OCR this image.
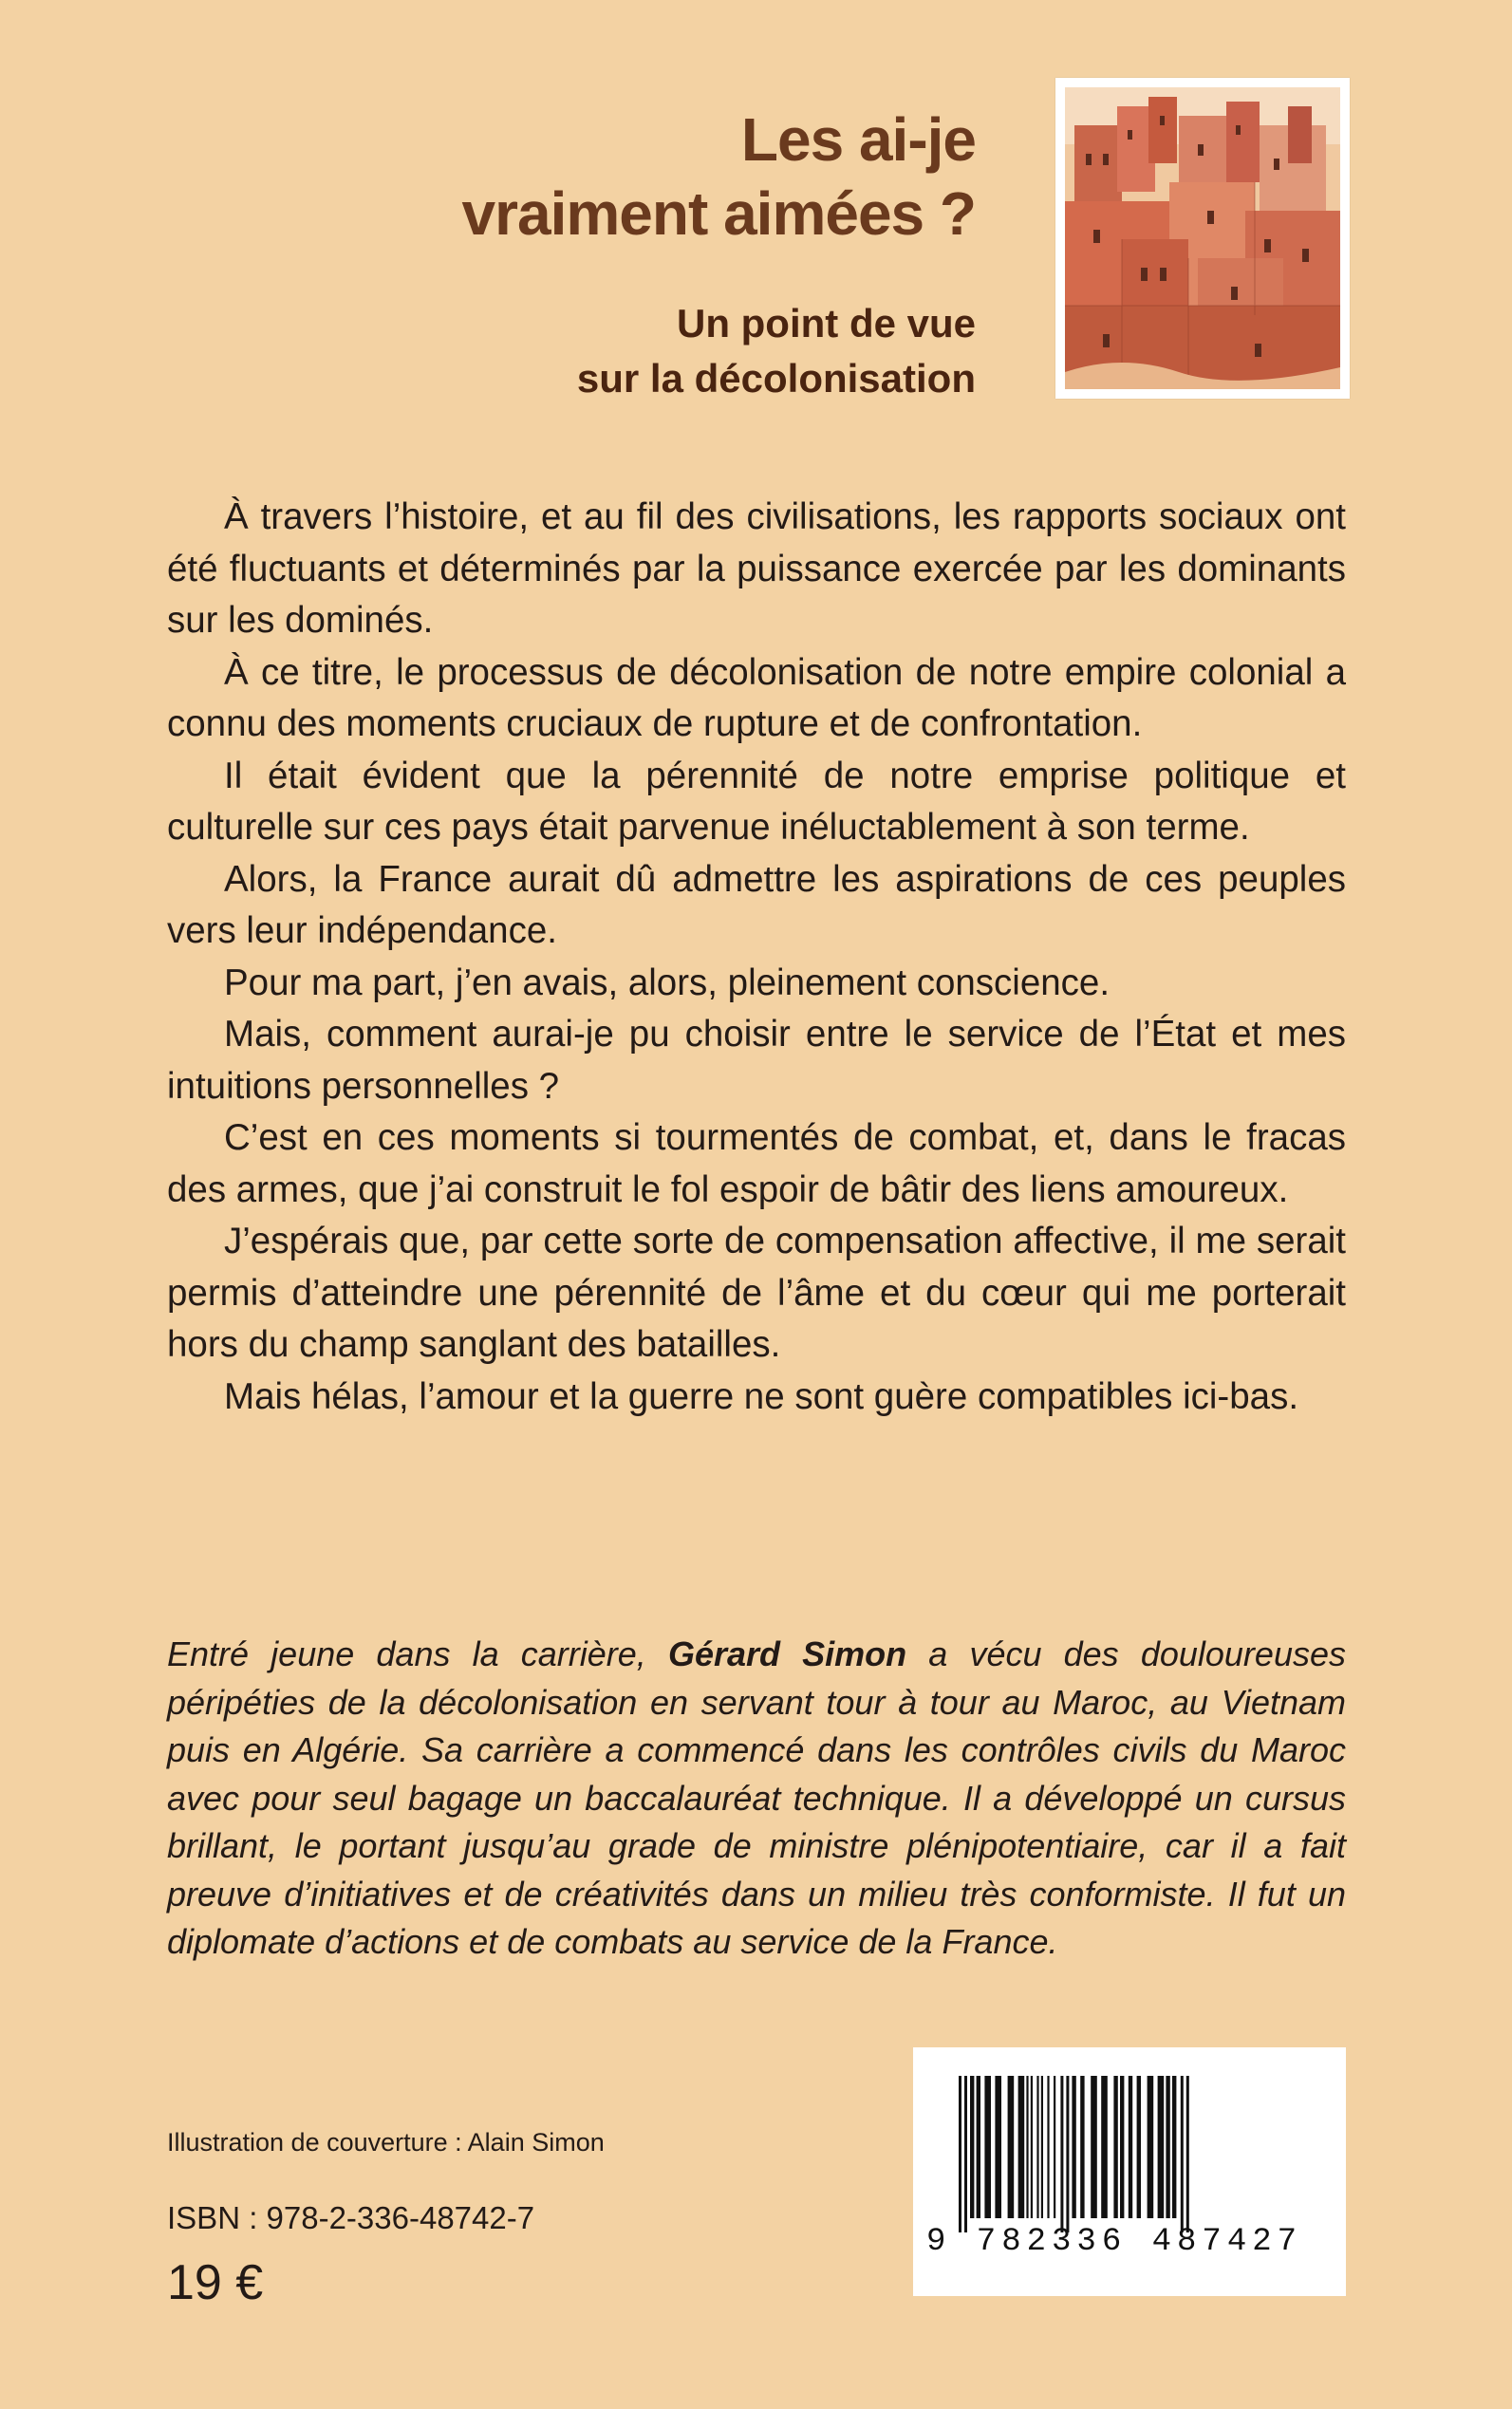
Les ai-je
vraiment aimées ?
Un point de vue
sur la décolonisation

À travers l’histoire, et au fil des civilisations, les rapports sociaux ont été fluctuants et déterminés par la puissance exercée par les dominants sur les dominés.

À ce titre, le processus de décolonisation de notre empire colonial a connu des moments cruciaux de rupture et de confrontation.

Il était évident que la pérennité de notre emprise politique et culturelle sur ces pays était parvenue inéluctablement à son terme.

Alors, la France aurait dû admettre les aspirations de ces peuples vers leur indépendance.

Pour ma part, j’en avais, alors, pleinement conscience.

Mais, comment aurai-je pu choisir entre le service de l’État et mes intuitions personnelles ?

C’est en ces moments si tourmentés de combat, et, dans le fracas des armes, que j’ai construit le fol espoir de bâtir des liens amoureux.

J’espérais que, par cette sorte de compensation affective, il me serait permis d’atteindre une pérennité de l’âme et du cœur qui me porterait hors du champ sanglant des batailles.

Mais hélas, l’amour et la guerre ne sont guère compatibles ici-bas.

Entré jeune dans la carrière, Gérard Simon a vécu des douloureuses péripéties de la décolonisation en servant tour à tour au Maroc, au Vietnam puis en Algérie. Sa carrière a commencé dans les contrôles civils du Maroc avec pour seul bagage un baccalauréat technique. Il a développé un cursus brillant, le portant jusqu’au grade de ministre plénipotentiaire, car il a fait preuve d’initiatives et de créativités dans un milieu très conformiste. Il fut un diplomate d’actions et de combats au service de la France.
Illustration de couverture : Alain Simon
ISBN : 978-2-336-48742-7
19 €
9 782336 487427
